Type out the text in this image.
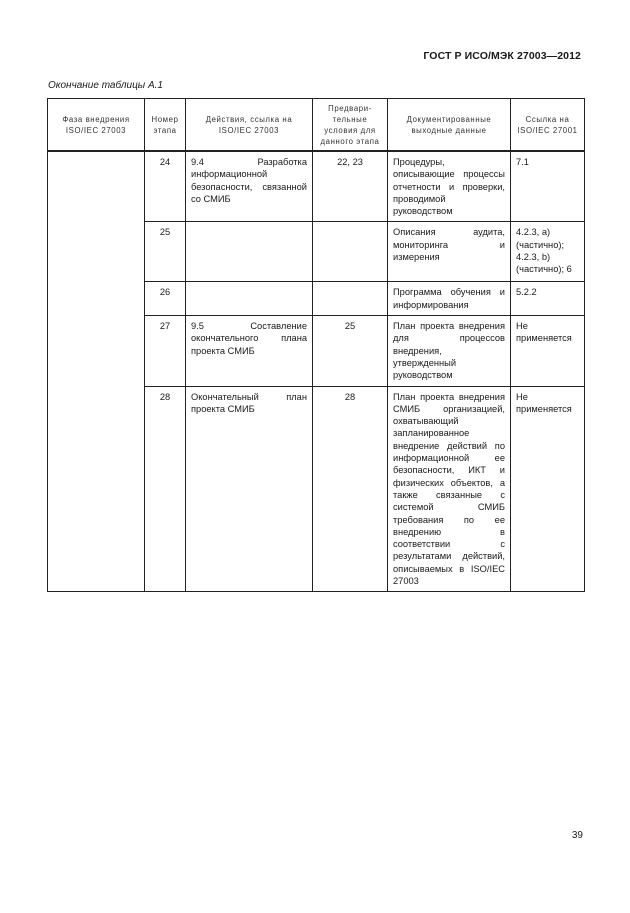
ГОСТ Р ИСО/МЭК 27003—2012
Окончание таблицы А.1
Фаза внедрения ISO/IEC 27003	Номер этапа	Действия, ссылка на ISO/IEC 27003	Предвари-тельные условия для данного этапа	Документированные выходные данные	Ссылка на ISO/IEC 27001
	24	9.4 Разработка информационной безопасности, связанной со СМИБ	22, 23	Процедуры, описывающие процессы отчетности и проверки, проводимой руководством	7.1
	25			Описания аудита, мониторинга и измерения	4.2.3, a) (частично); 4.2.3, b) (частично); 6
	26			Программа обучения и информирования	5.2.2
	27	9.5 Составление окончательного плана проекта СМИБ	25	План проекта внедрения для процессов внедрения, утвержденный руководством	Не применяется
	28	Окончательный план проекта СМИБ	28	План проекта внедрения СМИБ организацией, охватывающий запланированное внедрение действий по информационной ее безопасности, ИКТ и физических объектов, а также связанные с системой СМИБ требования по ее внедрению в соответствии с результатами действий, описываемых в ISO/IEC 27003	Не применяется
39
